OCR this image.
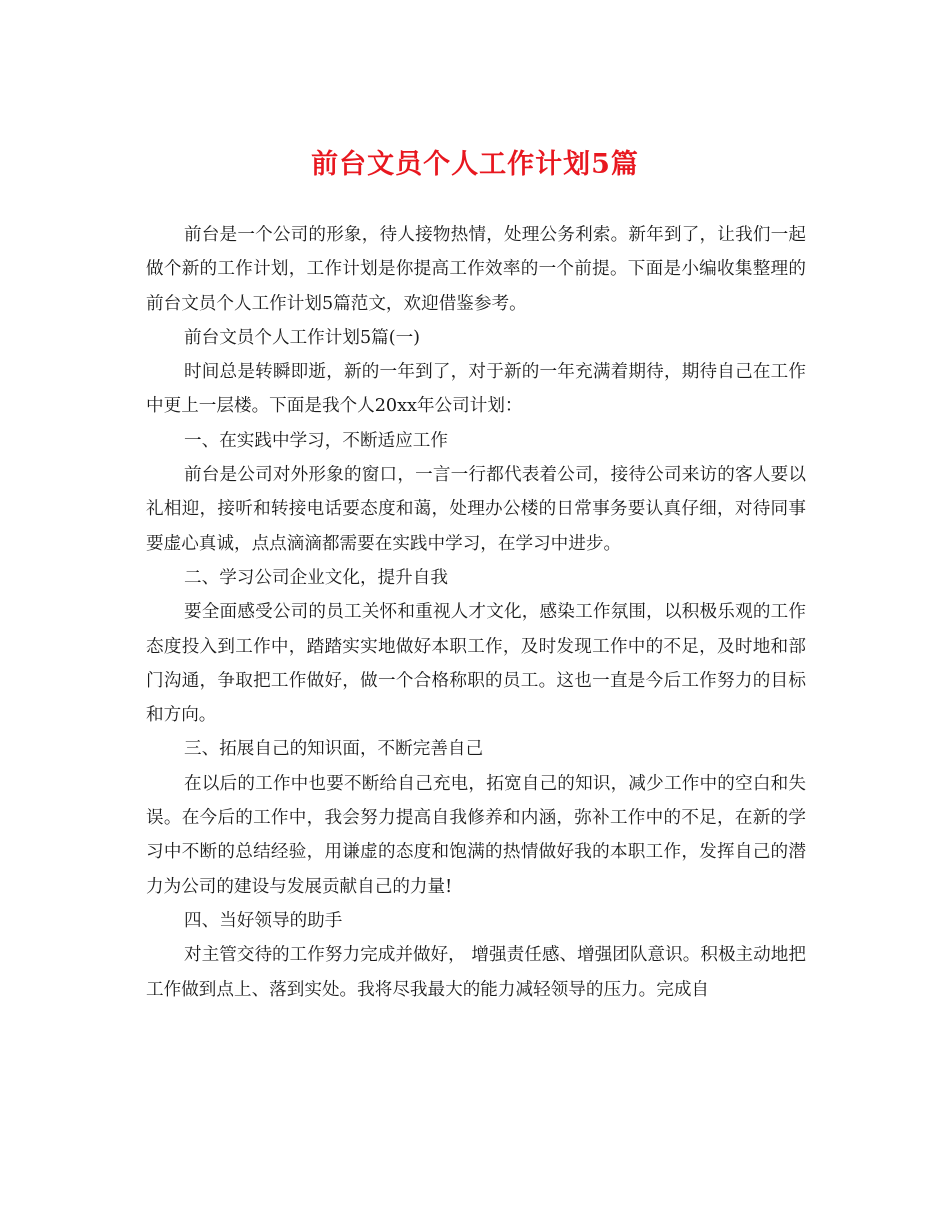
前台文员个人工作计划5篇

前台是一个公司的形象，待人接物热情，处理公务利索。新年到了，让我们一起做个新的工作计划，工作计划是你提高工作效率的一个前提。下面是小编收集整理的前台文员个人工作计划5篇范文，欢迎借鉴参考。

前台文员个人工作计划5篇(一)

时间总是转瞬即逝，新的一年到了，对于新的一年充满着期待，期待自己在工作中更上一层楼。下面是我个人20xx年公司计划：

一、在实践中学习，不断适应工作

前台是公司对外形象的窗口，一言一行都代表着公司，接待公司来访的客人要以礼相迎，接听和转接电话要态度和蔼，处理办公楼的日常事务要认真仔细，对待同事要虚心真诚，点点滴滴都需要在实践中学习，在学习中进步。

二、学习公司企业文化，提升自我

要全面感受公司的员工关怀和重视人才文化，感染工作氛围，以积极乐观的工作态度投入到工作中，踏踏实实地做好本职工作，及时发现工作中的不足，及时地和部门沟通，争取把工作做好，做一个合格称职的员工。这也一直是今后工作努力的目标和方向。

三、拓展自己的知识面，不断完善自己

在以后的工作中也要不断给自己充电，拓宽自己的知识，减少工作中的空白和失误。在今后的工作中，我会努力提高自我修养和内涵，弥补工作中的不足，在新的学习中不断的总结经验，用谦虚的态度和饱满的热情做好我的本职工作，发挥自己的潜力为公司的建设与发展贡献自己的力量!

四、当好领导的助手

对主管交待的工作努力完成并做好， 增强责任感、增强团队意识。积极主动地把工作做到点上、落到实处。我将尽我最大的能力减轻领导的压力。完成自
